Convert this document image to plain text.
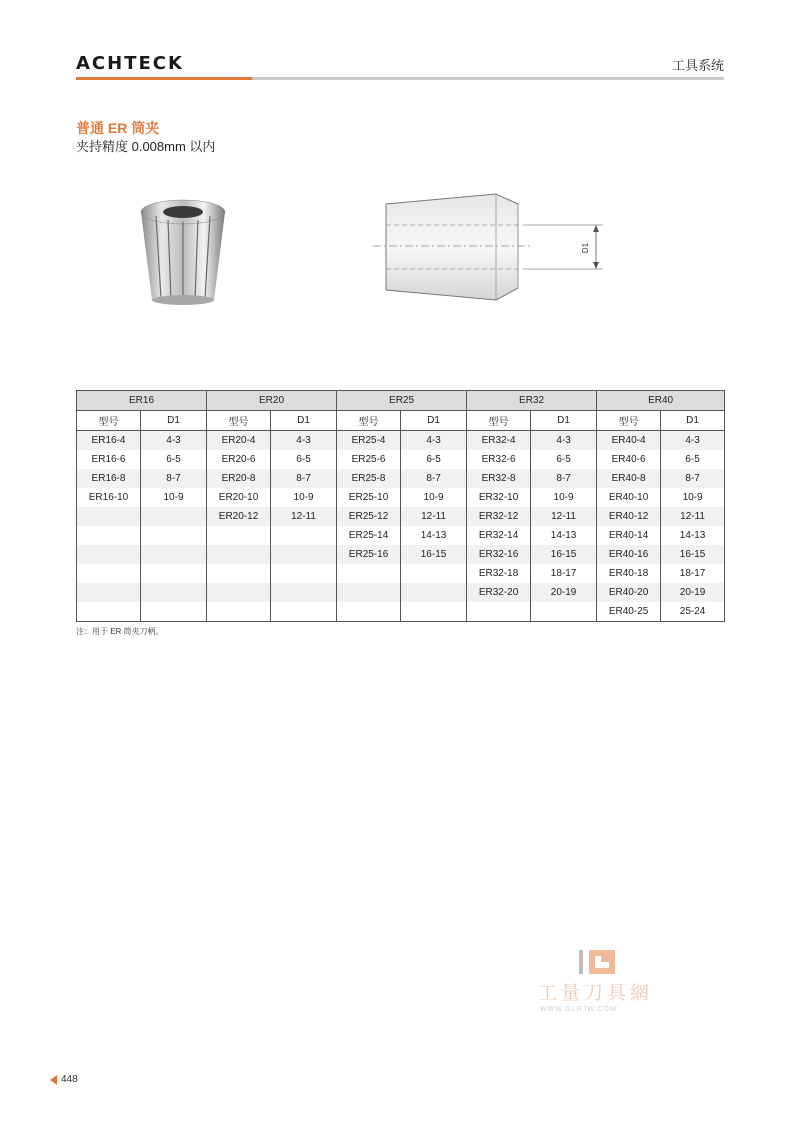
ACHTECK	工具系统
普通 ER 筒夹
夹持精度 0.008mm 以内
D1
ER16		ER20		ER25		ER32		ER40	
型号	D1	型号	D1	型号	D1	型号	D1	型号	D1
ER16-4	4-3	ER20-4	4-3	ER25-4	4-3	ER32-4	4-3	ER40-4	4-3
ER16-6	6-5	ER20-6	6-5	ER25-6	6-5	ER32-6	6-5	ER40-6	6-5
ER16-8	8-7	ER20-8	8-7	ER25-8	8-7	ER32-8	8-7	ER40-8	8-7
ER16-10	10-9	ER20-10	10-9	ER25-10	10-9	ER32-10	10-9	ER40-10	10-9
		ER20-12	12-11	ER25-12	12-11	ER32-12	12-11	ER40-12	12-11
				ER25-14	14-13	ER32-14	14-13	ER40-14	14-13
				ER25-16	16-15	ER32-16	16-15	ER40-16	16-15
						ER32-18	18-17	ER40-18	18-17
						ER32-20	20-19	ER40-20	20-19
								ER40-25	25-24
注：用于 ER 筒夹刀柄。
工量刀具網
WWW.GLRJW.COM
448
